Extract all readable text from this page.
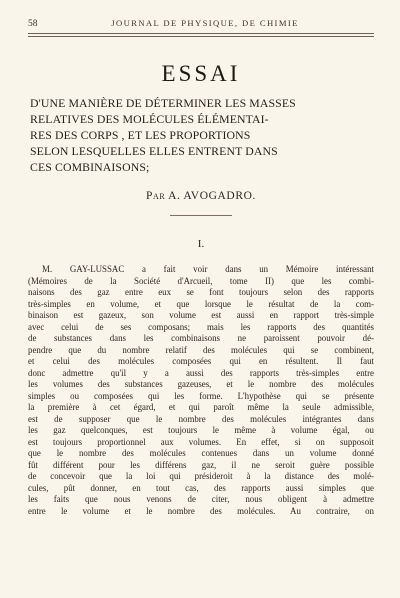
58	JOURNAL DE PHYSIQUE, DE CHIMIE
ESSAI
D'UNE MANIÈRE DE DÉTERMINER LES MASSES
RELATIVES DES MOLÉCULES ÉLÉMENTAI-
RES DES CORPS , ET LES PROPORTIONS
SELON LESQUELLES ELLES ENTRENT DANS
CES COMBINAISONS;
Par A. AVOGADRO.
I.
M. GAY-LUSSAC a fait voir dans un Mémoire intéressant
(Mémoires de la Société d'Arcueil, tome II) que les combi-
naisons des gaz entre eux se font toujours selon des rapports
très-simples en volume, et que lorsque le résultat de la com-
binaison est gazeux, son volume est aussi en rapport très-simple
avec celui de ses composans; mais les rapports des quantités
de substances dans les combinaisons ne paroissent pouvoir dé-
pendre que du nombre relatif des molécules qui se combinent,
et celui des molécules composées qui en résultent. Il faut
donc admettre qu'il y a aussi des rapports très-simples entre
les volumes des substances gazeuses, et le nombre des molécules
simples ou composées qui les forme. L'hypothèse qui se présente
la première à cet égard, et qui paroît même la seule admissible,
est de supposer que le nombre des molécules intégrantes dans
les gaz quelconques, est toujours le même à volume égal, ou
est toujours proportionnel aux volumes. En effet, si on supposoit
que le nombre des molécules contenues dans un volume donné
fût différent pour les différens gaz, il ne seroit guère possible
de concevoir que la loi qui présideroit à la distance des molé-
cules, pût donner, en tout cas, des rapports aussi simples que
les faits que nous venons de citer, nous obligent à admettre
entre le volume et le nombre des molécules. Au contraire, on
